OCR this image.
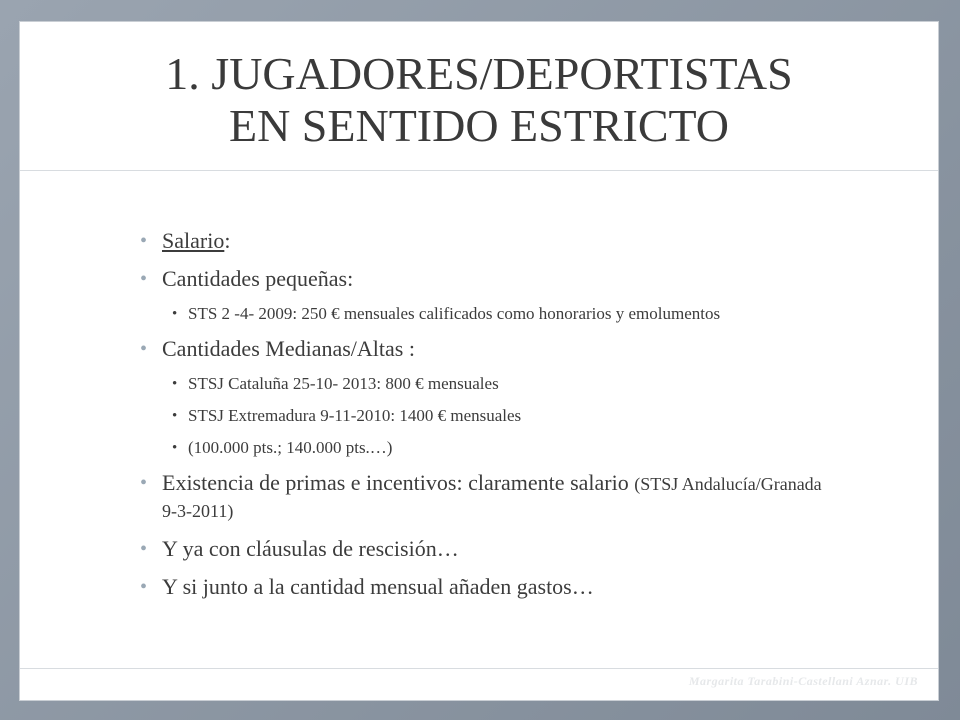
1. JUGADORES/DEPORTISTAS
EN SENTIDO ESTRICTO
• Salario:
• Cantidades pequeñas:
• STS 2 -4- 2009: 250 € mensuales calificados como honorarios y emolumentos
• Cantidades Medianas/Altas :
• STSJ Cataluña 25-10- 2013: 800 € mensuales
• STSJ Extremadura 9-11-2010: 1400 € mensuales
• (100.000 pts.; 140.000 pts.…)
• Existencia de primas e incentivos: claramente salario (STSJ Andalucía/Granada 9-3-2011)
• Y ya con cláusulas de rescisión…
• Y si junto a la cantidad mensual añaden gastos…
Margarita Tarabini-Castellani Aznar. UIB
